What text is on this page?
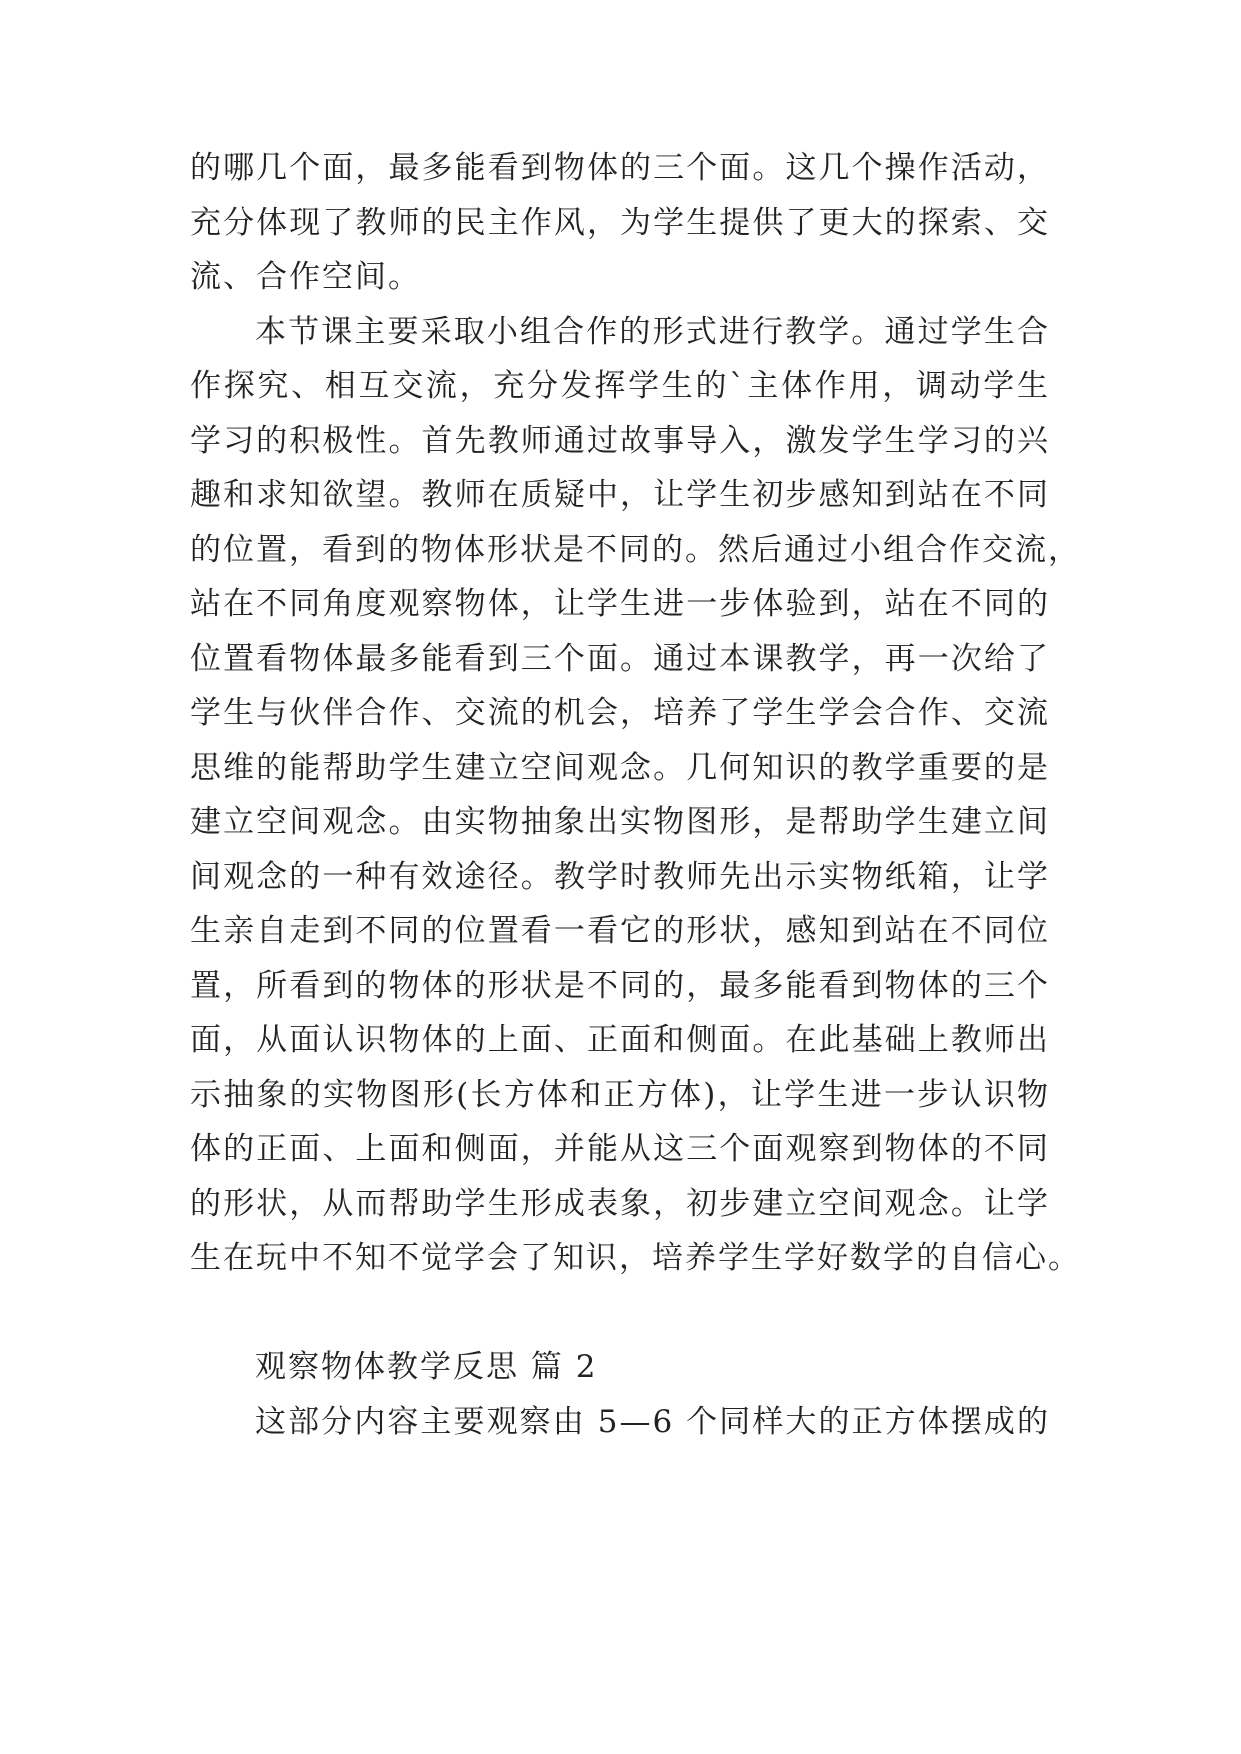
的哪几个面，最多能看到物体的三个面。这几个操作活动，
充分体现了教师的民主作风，为学生提供了更大的探索、交
流、合作空间。
本节课主要采取小组合作的形式进行教学。通过学生合
作探究、相互交流，充分发挥学生的`主体作用，调动学生
学习的积极性。首先教师通过故事导入，激发学生学习的兴
趣和求知欲望。教师在质疑中，让学生初步感知到站在不同
的位置，看到的物体形状是不同的。然后通过小组合作交流，
站在不同角度观察物体，让学生进一步体验到，站在不同的
位置看物体最多能看到三个面。通过本课教学，再一次给了
学生与伙伴合作、交流的机会，培养了学生学会合作、交流
思维的能帮助学生建立空间观念。几何知识的教学重要的是
建立空间观念。由实物抽象出实物图形，是帮助学生建立间
间观念的一种有效途径。教学时教师先出示实物纸箱，让学
生亲自走到不同的位置看一看它的形状，感知到站在不同位
置，所看到的物体的形状是不同的，最多能看到物体的三个
面，从面认识物体的上面、正面和侧面。在此基础上教师出
示抽象的实物图形(长方体和正方体)，让学生进一步认识物
体的正面、上面和侧面，并能从这三个面观察到物体的不同
的形状，从而帮助学生形成表象，初步建立空间观念。让学
生在玩中不知不觉学会了知识，培养学生学好数学的自信心。
观察物体教学反思 篇 2
这部分内容主要观察由 5—6 个同样大的正方体摆成的
